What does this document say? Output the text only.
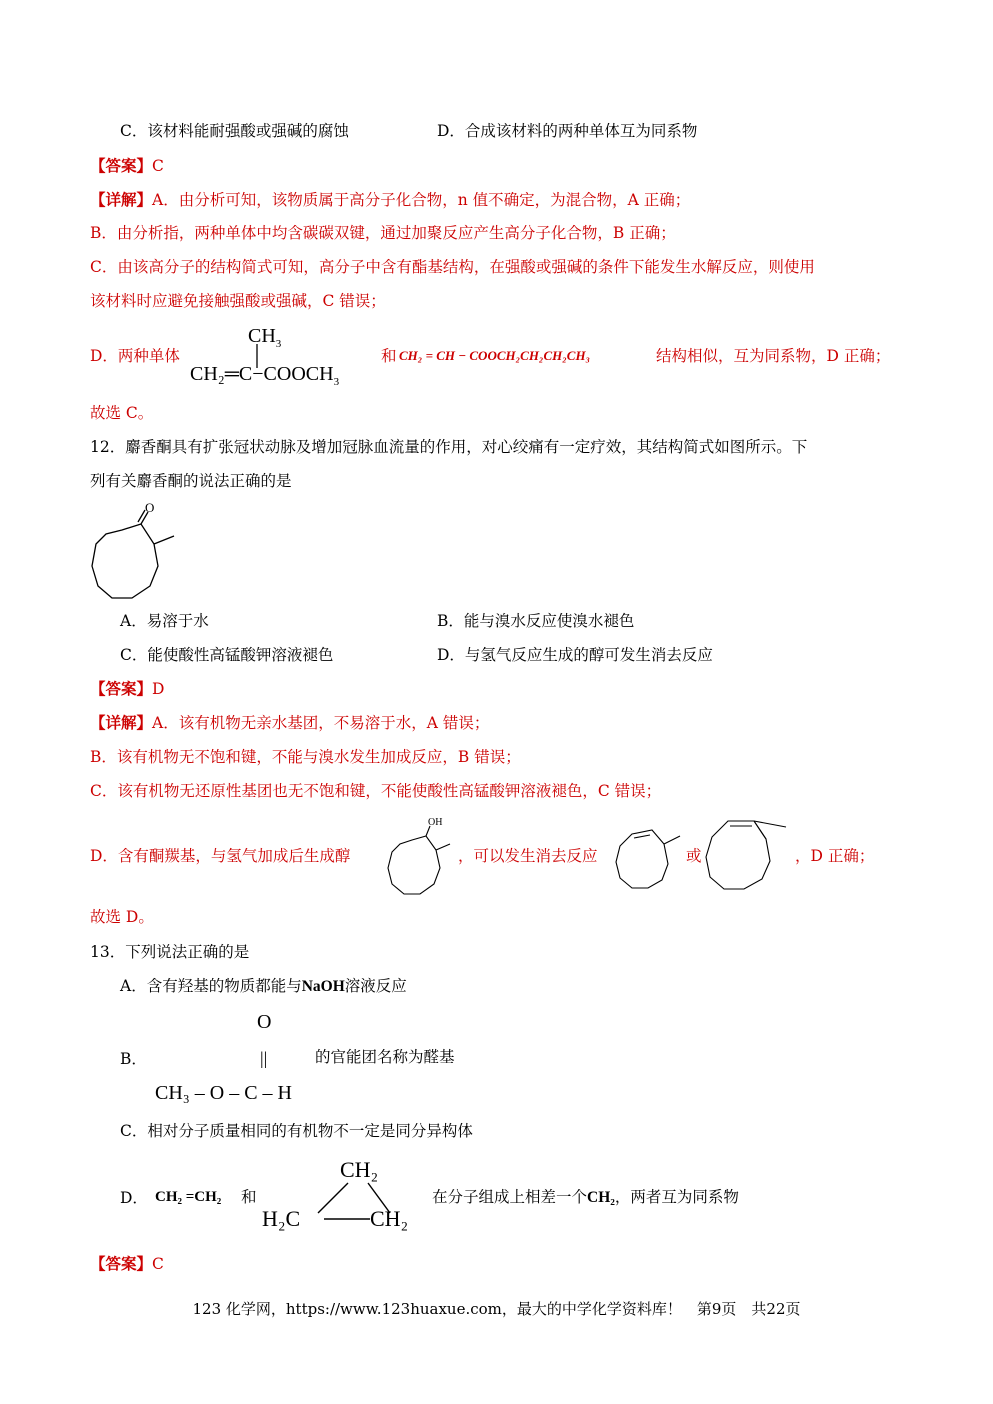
C．该材料能耐强酸或强碱的腐蚀	D．合成该材料的两种单体互为同系物
【答案】C
【详解】A．由分析可知，该物质属于高分子化合物，n 值不确定，为混合物，A 正确；
B．由分析指，两种单体中均含碳碳双键，通过加聚反应产生高分子化合物，B 正确；
C．由该高分子的结构简式可知，高分子中含有酯基结构，在强酸或强碱的条件下能发生水解反应，则使用
该材料时应避免接触强酸或强碱，C 错误；
D．两种单体
$CH_3$
$CH_2═C-COOCH_3$
和 CH₂ = CH − COOCH₂CH₂CH₂CH₃	结构相似，互为同系物，D 正确；
故选 C。
12．麝香酮具有扩张冠状动脉及增加冠脉血流量的作用，对心绞痛有一定疗效，其结构简式如图所示。下
列有关麝香酮的说法正确的是
O
A．易溶于水	B．能与溴水反应使溴水褪色
C．能使酸性高锰酸钾溶液褪色	D．与氢气反应生成的醇可发生消去反应
【答案】D
【详解】A．该有机物无亲水基团，不易溶于水，A 错误；
B．该有机物无不饱和键，不能与溴水发生加成反应，B 错误；
C．该有机物无还原性基团也无不饱和键，不能使酸性高锰酸钾溶液褪色，C 错误；
D．含有酮羰基，与氢气加成后生成醇
OH
，可以发生消去反应	或	，D 正确；
故选 D。
13．下列说法正确的是
A．含有羟基的物质都能与NaOH溶液反应
B．
O
||
CH₃ – O – C – H
的官能团名称为醛基
C．相对分子质量相同的有机物不一定是同分异构体
D． CH₂ =CH₂ 和
CH₂
H₂C	CH₂
在分子组成上相差一个CH₂，两者互为同系物
【答案】C
123 化学网，https://www.123huaxue.com，最大的中学化学资料库！　第9页　共22页
